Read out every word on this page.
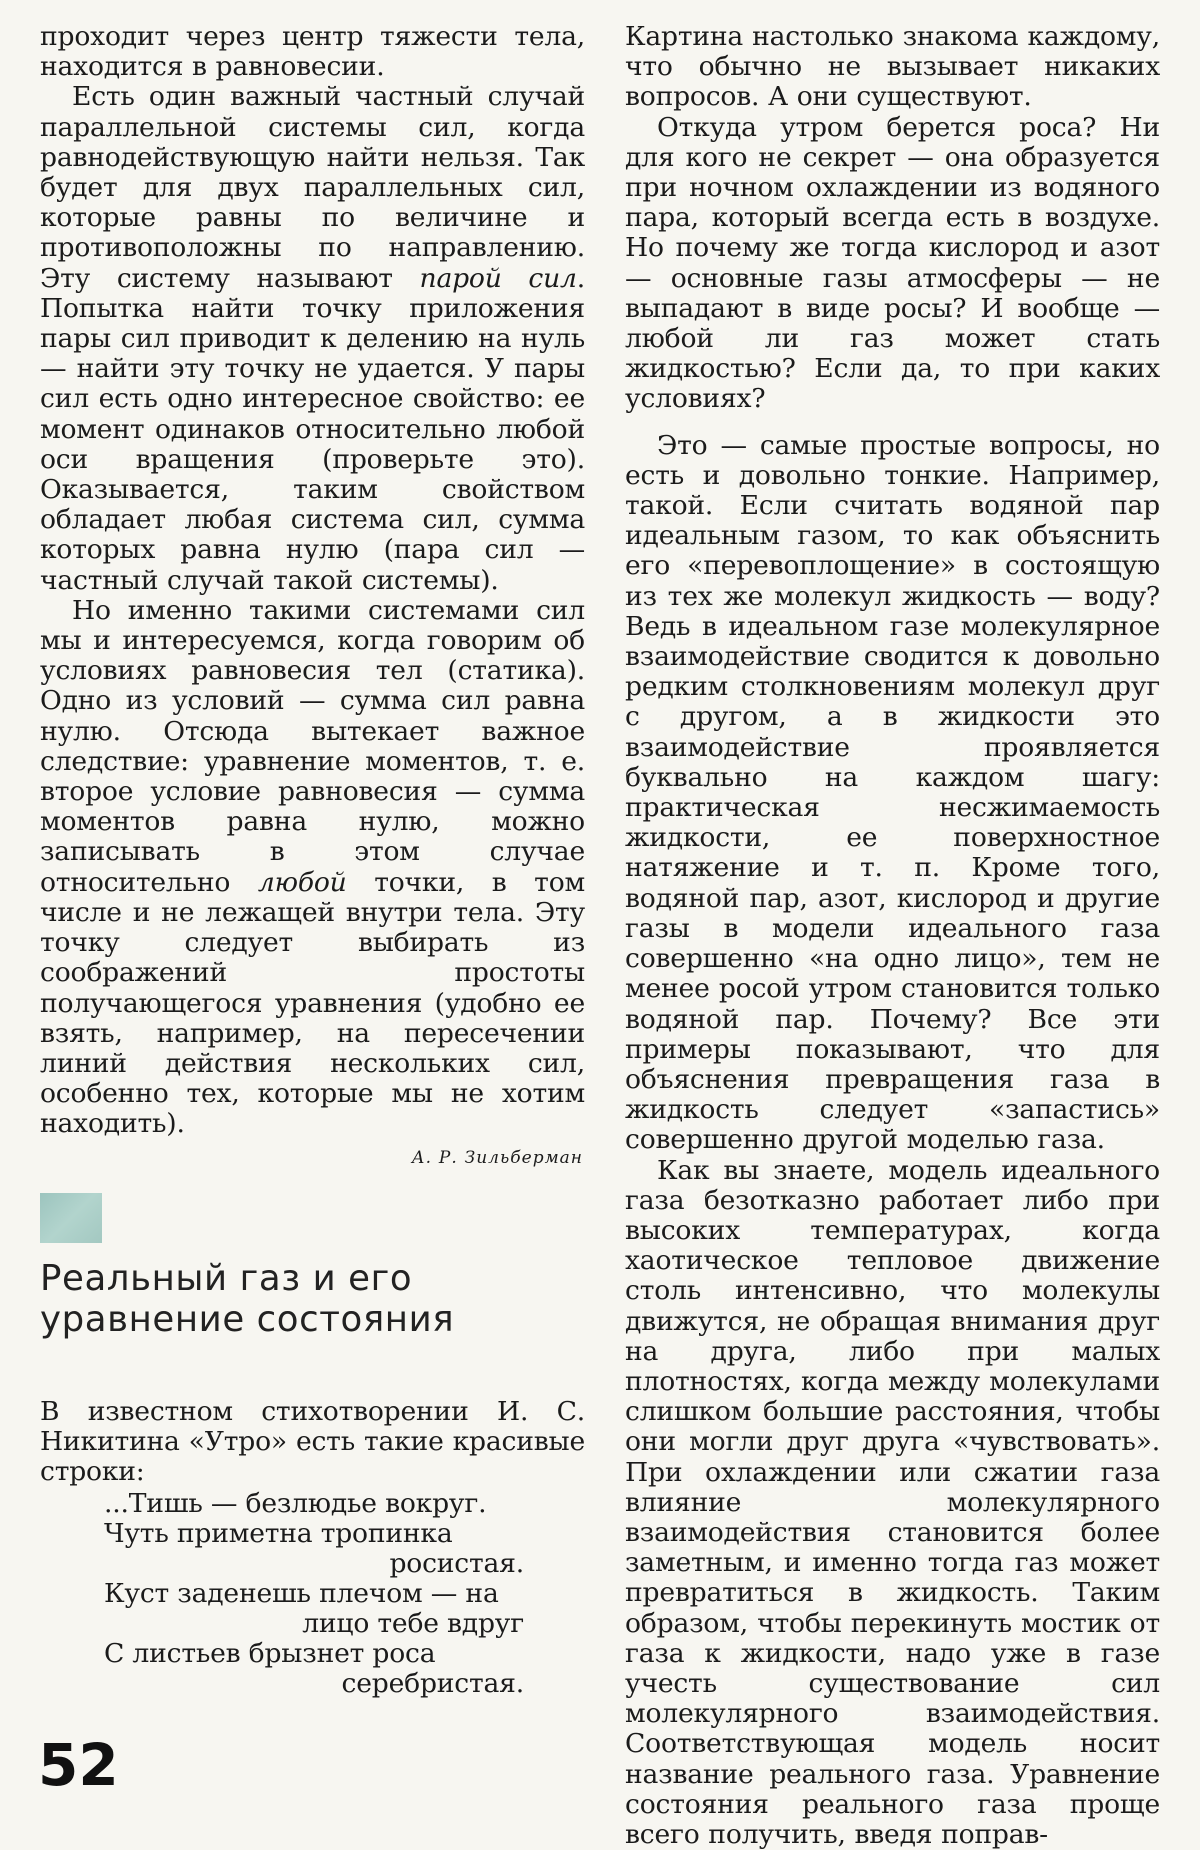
проходит через центр тяжести тела, находится в равновесии.

Есть один важный частный случай параллельной системы сил, когда равнодействующую найти нельзя. Так будет для двух параллельных сил, которые равны по величине и противоположны по направлению. Эту систему называют парой сил. Попытка найти точку приложения пары сил приводит к делению на нуль — найти эту точку не удается. У пары сил есть одно интересное свойство: ее момент одинаков относительно любой оси вращения (проверьте это). Оказывается, таким свойством обладает любая система сил, сумма которых равна нулю (пара сил — частный случай такой системы).

Но именно такими системами сил мы и интересуемся, когда говорим об условиях равновесия тел (статика). Одно из условий — сумма сил равна нулю. Отсюда вытекает важное следствие: уравнение моментов, т. е. второе условие равновесия — сумма моментов равна нулю, можно записывать в этом случае относительно любой точки, в том числе и не лежащей внутри тела. Эту точку следует выбирать из соображений простоты получающегося уравнения (удобно ее взять, например, на пересечении линий действия нескольких сил, особенно тех, которые мы не хотим находить).

А. Р. Зильберман
Реальный газ и его
уравнение состояния

В известном стихотворении И. С. Никитина «Утро» есть такие красивые строки:

...Тишь — безлюдье вокруг.
Чуть приметна тропинка
росистая.
Куст заденешь плечом — на
лицо тебе вдруг
С листьев брызнет роса
серебристая.
52

Картина настолько знакома каждому, что обычно не вызывает никаких вопросов. А они существуют.

Откуда утром берется роса? Ни для кого не секрет — она образуется при ночном охлаждении из водяного пара, который всегда есть в воздухе. Но почему же тогда кислород и азот — основные газы атмосферы — не выпадают в виде росы? И вообще — любой ли газ может стать жидкостью? Если да, то при каких условиях?

Это — самые простые вопросы, но есть и довольно тонкие. Например, такой. Если считать водяной пар идеальным газом, то как объяснить его «перевоплощение» в состоящую из тех же молекул жидкость — воду? Ведь в идеальном газе молекулярное взаимодействие сводится к довольно редким столкновениям молекул друг с другом, а в жидкости это взаимодействие проявляется буквально на каждом шагу: практическая несжимаемость жидкости, ее поверхностное натяжение и т. п. Кроме того, водяной пар, азот, кислород и другие газы в модели идеального газа совершенно «на одно лицо», тем не менее росой утром становится только водяной пар. Почему? Все эти примеры показывают, что для объяснения превращения газа в жидкость следует «запастись» совершенно другой моделью газа.

Как вы знаете, модель идеального газа безотказно работает либо при высоких температурах, когда хаотическое тепловое движение столь интенсивно, что молекулы движутся, не обращая внимания друг на друга, либо при малых плотностях, когда между молекулами слишком большие расстояния, чтобы они могли друг друга «чувствовать». При охлаждении или сжатии газа влияние молекулярного взаимодействия становится более заметным, и именно тогда газ может превратиться в жидкость. Таким образом, чтобы перекинуть мостик от газа к жидкости, надо уже в газе учесть существование сил молекулярного взаимодействия. Соответствующая модель носит название реального газа. Уравнение состояния реального газа проще всего получить, введя поправ-
